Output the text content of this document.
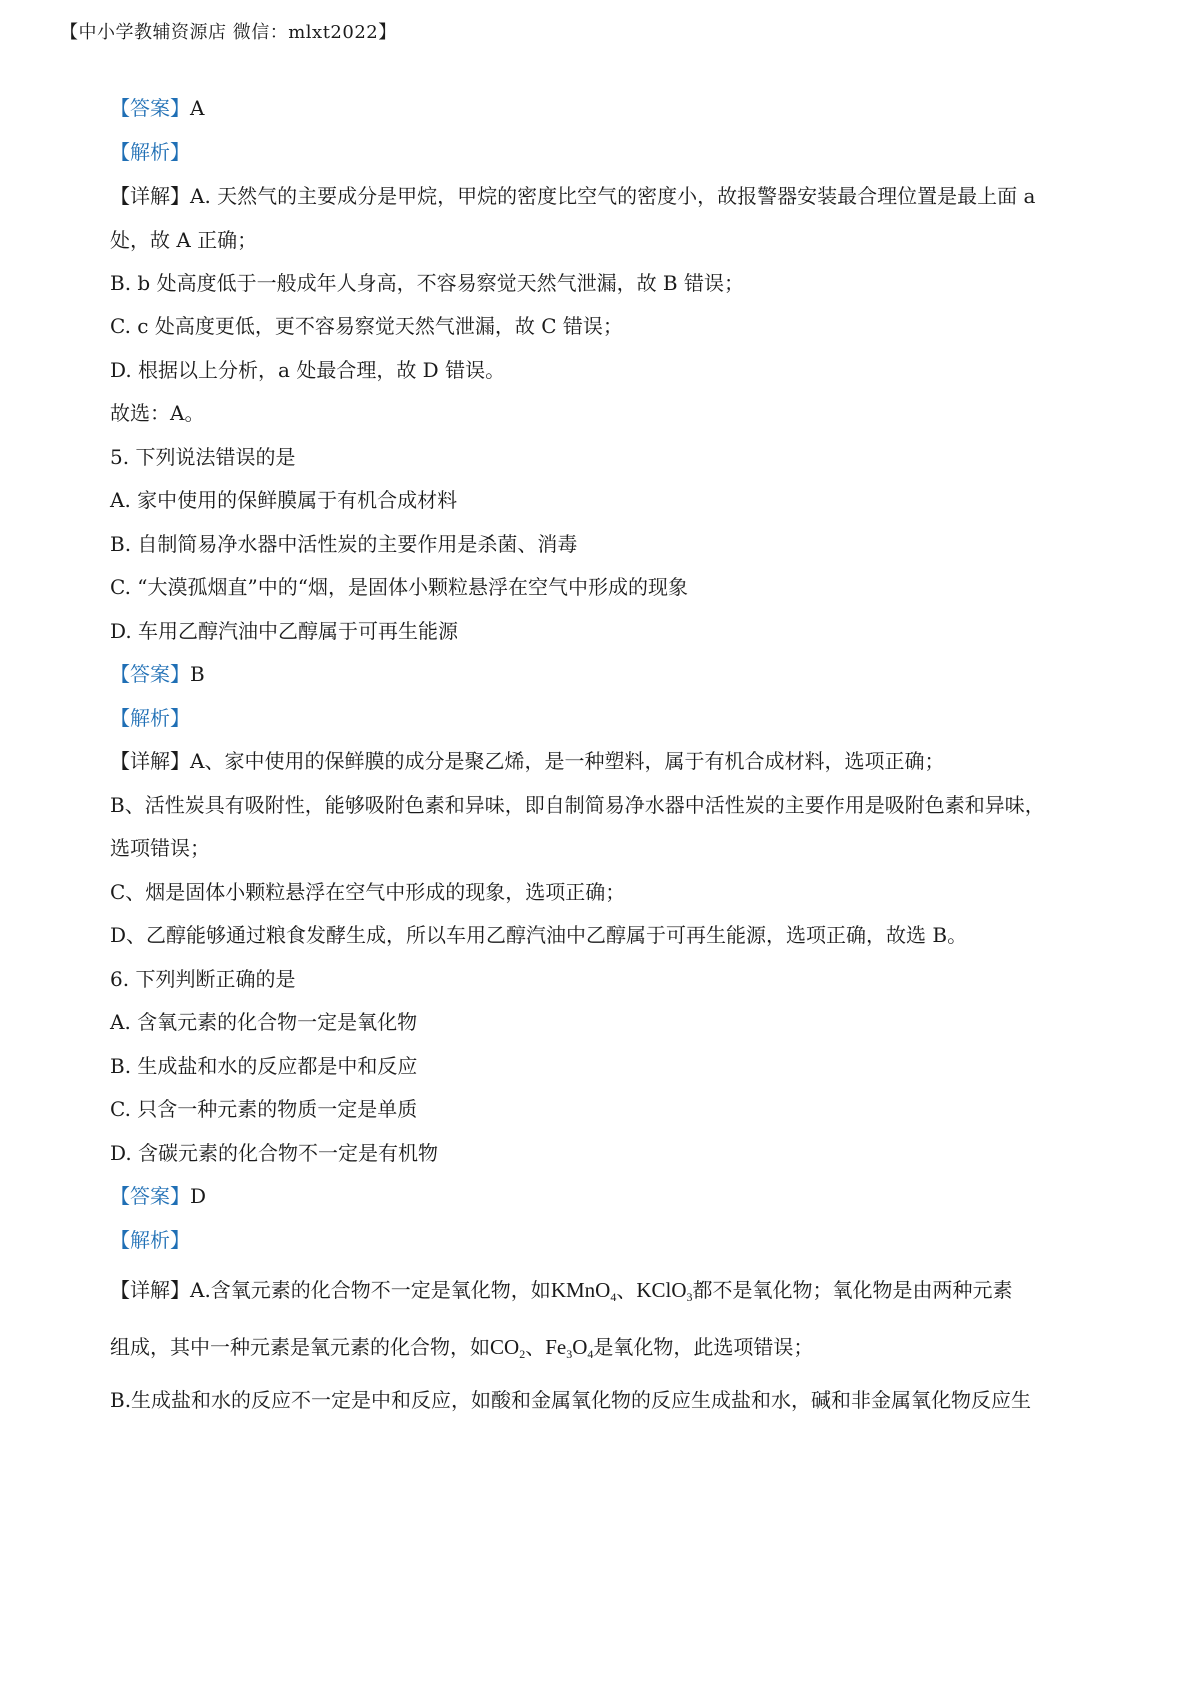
【中小学教辅资源店 微信：mlxt2022】
【答案】A
【解析】
【详解】A. 天然气的主要成分是甲烷，甲烷的密度比空气的密度小，故报警器安装最合理位置是最上面 a
处，故 A 正确；
B. b 处高度低于一般成年人身高，不容易察觉天然气泄漏，故 B 错误；
C. c 处高度更低，更不容易察觉天然气泄漏，故 C 错误；
D. 根据以上分析，a 处最合理，故 D 错误。
故选：A。
5. 下列说法错误的是
A. 家中使用的保鲜膜属于有机合成材料
B. 自制简易净水器中活性炭的主要作用是杀菌、消毒
C. “大漠孤烟直”中的“烟，是固体小颗粒悬浮在空气中形成的现象
D. 车用乙醇汽油中乙醇属于可再生能源
【答案】B
【解析】
【详解】A、家中使用的保鲜膜的成分是聚乙烯，是一种塑料，属于有机合成材料，选项正确；
B、活性炭具有吸附性，能够吸附色素和异味，即自制简易净水器中活性炭的主要作用是吸附色素和异味，
选项错误；
C、烟是固体小颗粒悬浮在空气中形成的现象，选项正确；
D、乙醇能够通过粮食发酵生成，所以车用乙醇汽油中乙醇属于可再生能源，选项正确，故选 B。
6. 下列判断正确的是
A. 含氧元素的化合物一定是氧化物
B. 生成盐和水的反应都是中和反应
C. 只含一种元素的物质一定是单质
D. 含碳元素的化合物不一定是有机物
【答案】D
【解析】
【详解】A.含氧元素的化合物不一定是氧化物，如KMnO$_4$、KClO$_3$都不是氧化物；氧化物是由两种元素
组成，其中一种元素是氧元素的化合物，如$CO_2$、$Fe_3O_4$是氧化物，此选项错误；
B.生成盐和水的反应不一定是中和反应，如酸和金属氧化物的反应生成盐和水，碱和非金属氧化物反应生
